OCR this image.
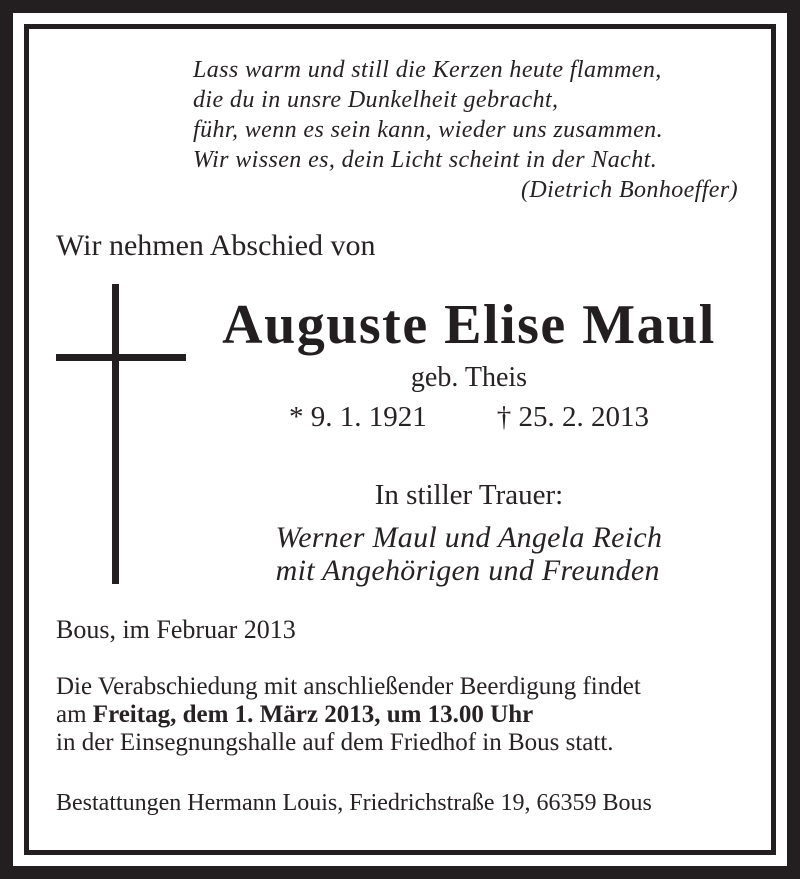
Lass warm und still die Kerzen heute flammen,
die du in unsre Dunkelheit gebracht,
führ, wenn es sein kann, wieder uns zusammen.
Wir wissen es, dein Licht scheint in der Nacht.
(Dietrich Bonhoeffer)
Wir nehmen Abschied von
Auguste Elise Maul
geb. Theis
* 9. 1. 1921 † 25. 2. 2013
In stiller Trauer:
Werner Maul und Angela Reich
mit Angehörigen und Freunden
Bous, im Februar 2013
Die Verabschiedung mit anschließender Beerdigung findet
am Freitag, dem 1. März 2013, um 13.00 Uhr
in der Einsegnungshalle auf dem Friedhof in Bous statt.
Bestattungen Hermann Louis, Friedrichstraße 19, 66359 Bous
